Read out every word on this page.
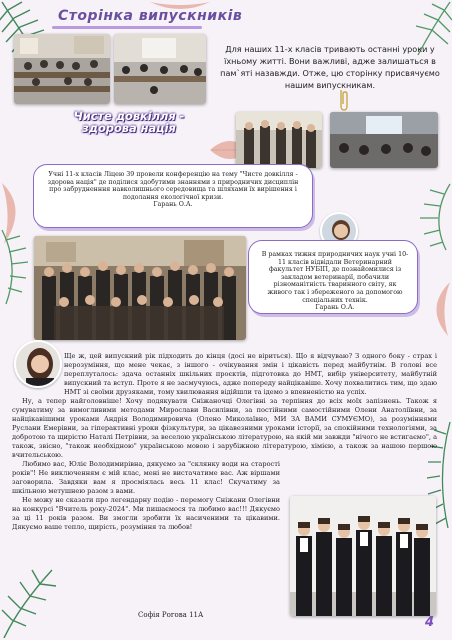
Сторінка випускників
Для наших 11-х класів тривають останні уроки у їхньому житті. Вони важливі, адже залишаться в пам`яті назавжди. Отже, цю сторінку присвячуємо нашим випускникам.
Чисте довкілля - здорова нація
Учні 11-х класів Ліцею 39 провели конференцію на тему "Чисте довкілля - здорова нація" де поділися здобутими знаннями з природничих дисциплін про забрудненння навколишнього середовища та шляхами їх вирішення і подолання екологічної кризи.
Гарань О.А.
В рамках тижня природничих наук учні 10-11 класів відвідали Ветеринарний факультет НУБІП, де познайомилися із закладом ветеринарії, побачили різноманітність тваринного світу, як живого так і збереженого за допомогою спеціальних технік.
Гарань О.А.

Ще ж, цей випускний рік підходить до кінця (досі не віриться). Що я відчуваю? З одного боку - страх і нерозуміння, що мене чекає, з іншого - очікування змін і цікавість перед майбутнім. В голові все переплуталось: здача останніх шкільних проєктів, підготовка до НМТ, вибір університету, майбутній випускний та вступ. Проте я не засмучуюсь, адже попереду найцікавіше. Хочу похвалитись тим, що здаю НМТ зі своїми друзяками, тому хвилювання відійшли та ідемо з впевненістю на успіх.

Ну, а тепер найголовніше! Хочу подякувати Сніжаночці Олегівні за терпіння до всіх моїх запізнень. Також я сумуватиму за вимогливими методами Мирослави Василівни, за постійними самостійними Олени Анатоліївни, за найцікавішими уроками Андрія Володимировича (Олено Миколаївно, МИ ЗА ВАМИ СУМУЄМО), за розуміннями Руслани Емерівни, за гіперактивні уроки фізкультури, за цікавезними уроками історії, за спокійними технологіями, за добротою та щирістю Наталі Петрівни, за веселою українською літературою, на якій ми завжди "нічого не встигаємо", а також, звісно, "також необхідною" українською мовою і зарубіжною літературою, хімією, а також за нашою першою вчительською.

Любимо вас, Юліє Володимирівна, дякуємо за "склянку води на старості років"! Не виключенням є мій клас, мені не вистачатиме вас. Аж віршами заговорила. Завдяки вам я просміялась весь 11 клас! Скучатиму за шкільною метушнею разом з вами.

Не можу не сказати про легендарну подію - перемогу Сніжани Олегівни на конкурсі "Вчитель року-2024". Ми пишаємося та любимо вас!!! Дякуємо за ці 11 років разом. Ви змогли зробити їх насиченими та цікавими. Дякуємо ваше тепло, щирість, розуміння та любов!

Софія Рогова 11А	4
